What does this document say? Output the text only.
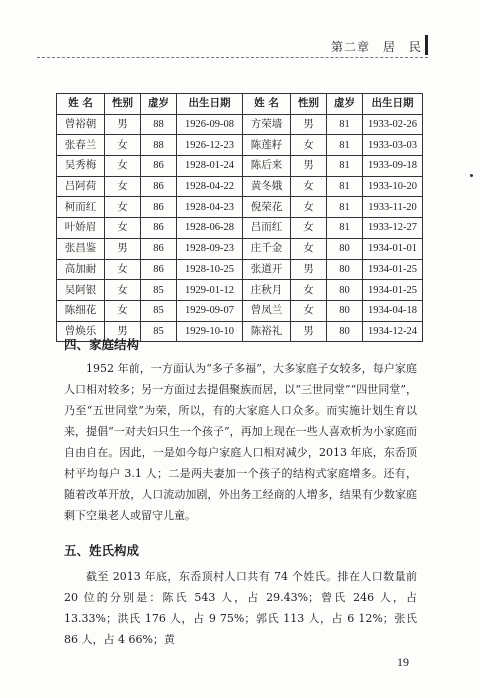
第二章　居　民
姓 名	性别	虚岁	出生日期	姓 名	性别	虚岁	出生日期
曾裕朝	男	88	1926-09-08	方荣墙	男	81	1933-02-26
张春兰	女	88	1926-12-23	陈莲籽	女	81	1933-03-03
吴秀梅	女	86	1928-01-24	陈后来	男	81	1933-09-18
吕阿荷	女	86	1928-04-22	黄冬娥	女	81	1933-10-20
柯而红	女	86	1928-04-23	倪荣花	女	81	1933-11-20
叶娇眉	女	86	1928-06-28	吕而红	女	81	1933-12-27
张昌鉴	男	86	1928-09-23	庄千金	女	80	1934-01-01
高加耐	女	86	1928-10-25	张道开	男	80	1934-01-25
吴阿银	女	85	1929-01-12	庄秋月	女	80	1934-01-25
陈细花	女	85	1929-09-07	曾凤兰	女	80	1934-04-18
曾焕乐	男	85	1929-10-10	陈裕礼	男	80	1934-12-24
四、家庭结构

1952 年前，一方面认为“多子多福”，大多家庭子女较多，每户家庭人口相对较多；另一方面过去提倡聚族而居，以“三世同堂”“四世同堂”，乃至“五世同堂”为荣，所以，有的大家庭人口众多。而实施计划生育以来，提倡“一对夫妇只生一个孩子”，再加上现在一些人喜欢析为小家庭而自由自在。因此，一是如今每户家庭人口相对减少，2013 年底，东岙顶村平均每户 3.1 人；二是两夫妻加一个孩子的结构式家庭增多。还有，随着改革开放，人口流动加剧，外出务工经商的人增多，结果有少数家庭剩下空巢老人或留守儿童。

五、姓氏构成

截至 2013 年底，东岙顶村人口共有 74 个姓氏。排在人口数量前 20 位的分别是：陈氏 543 人，占 29.43%；曾氏 246 人，占 13.33%；洪氏 176 人，占 9 75%；郭氏 113 人，占 6 12%；张氏 86 人，占 4 66%；黄

19
